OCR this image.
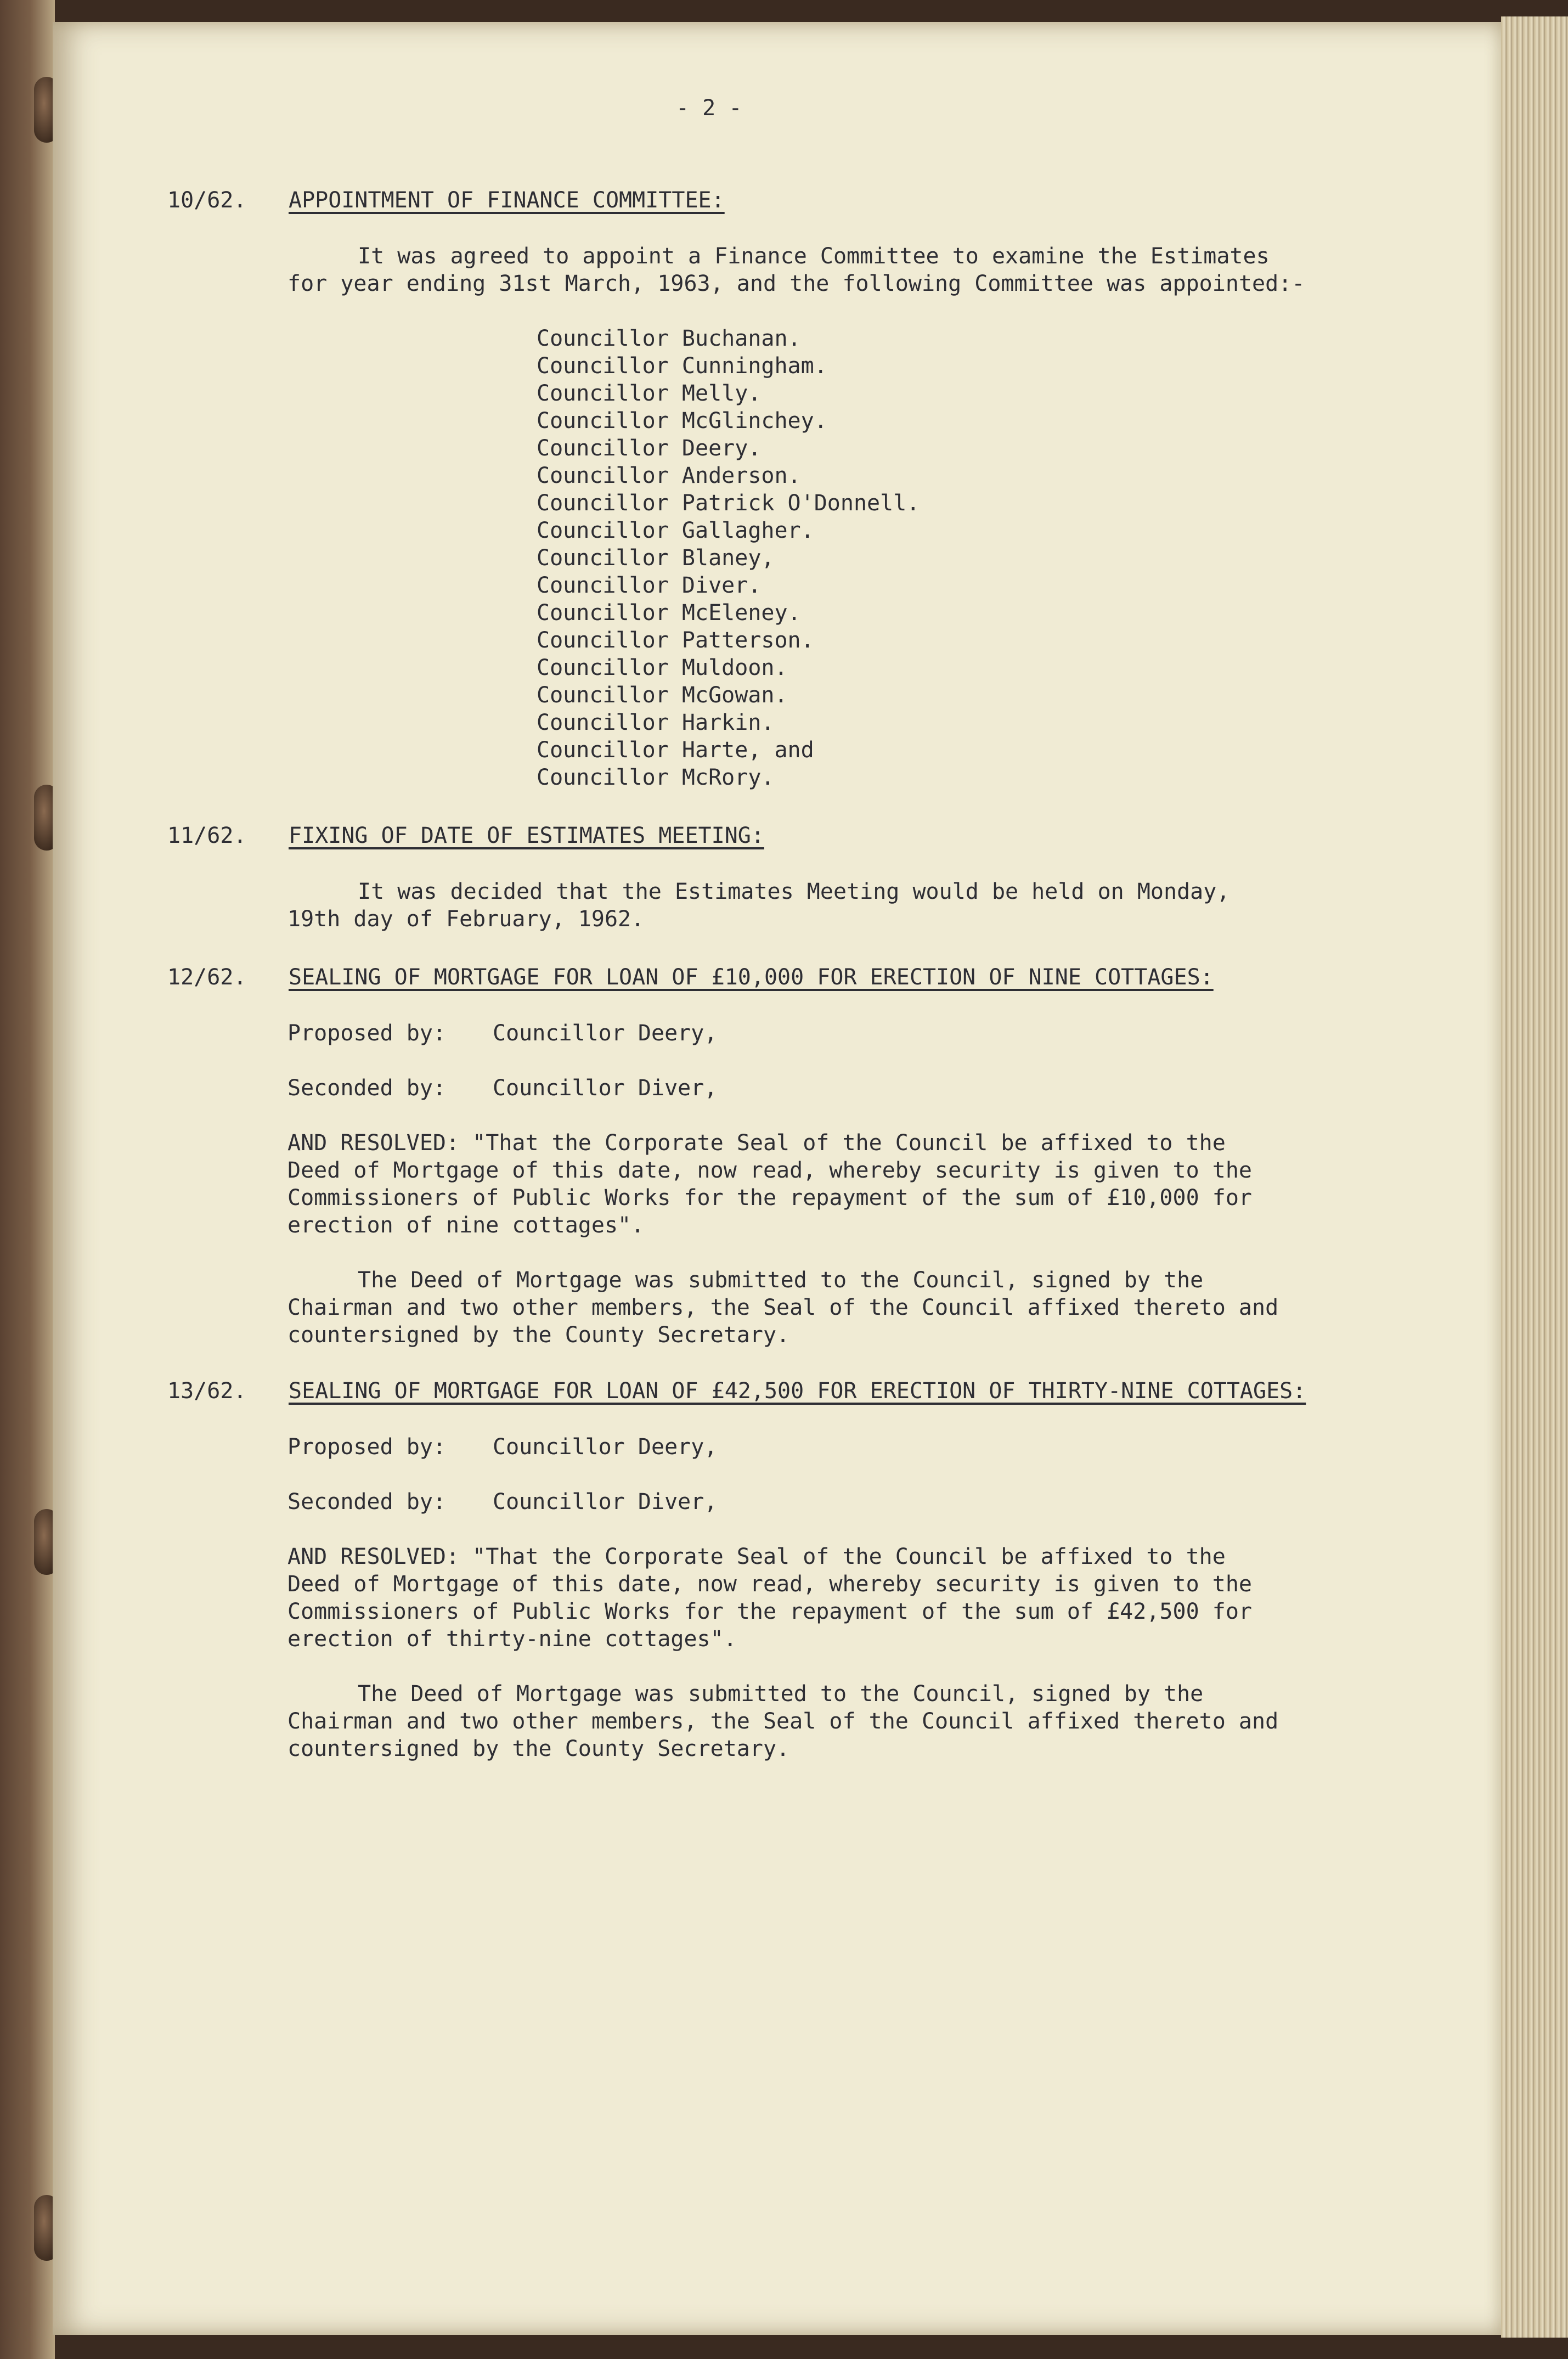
- 2 -
10/62. APPOINTMENT OF FINANCE COMMITTEE:
It was agreed to appoint a Finance Committee to examine the Estimates
for year ending 31st March, 1963, and the following Committee was appointed:-
Councillor Buchanan.
Councillor Cunningham.
Councillor Melly.
Councillor McGlinchey.
Councillor Deery.
Councillor Anderson.
Councillor Patrick O'Donnell.
Councillor Gallagher.
Councillor Blaney,
Councillor Diver.
Councillor McEleney.
Councillor Patterson.
Councillor Muldoon.
Councillor McGowan.
Councillor Harkin.
Councillor Harte, and
Councillor McRory.
11/62. FIXING OF DATE OF ESTIMATES MEETING:
It was decided that the Estimates Meeting would be held on Monday,
19th day of February, 1962.
12/62. SEALING OF MORTGAGE FOR LOAN OF £10,000 FOR ERECTION OF NINE COTTAGES:
Proposed by: Councillor Deery,
Seconded by: Councillor Diver,
AND RESOLVED: "That the Corporate Seal of the Council be affixed to the
Deed of Mortgage of this date, now read, whereby security is given to the
Commissioners of Public Works for the repayment of the sum of £10,000 for
erection of nine cottages".
The Deed of Mortgage was submitted to the Council, signed by the
Chairman and two other members, the Seal of the Council affixed thereto and
countersigned by the County Secretary.
13/62. SEALING OF MORTGAGE FOR LOAN OF £42,500 FOR ERECTION OF THIRTY-NINE COTTAGES:
Proposed by: Councillor Deery,
Seconded by: Councillor Diver,
AND RESOLVED: "That the Corporate Seal of the Council be affixed to the
Deed of Mortgage of this date, now read, whereby security is given to the
Commissioners of Public Works for the repayment of the sum of £42,500 for
erection of thirty-nine cottages".
The Deed of Mortgage was submitted to the Council, signed by the
Chairman and two other members, the Seal of the Council affixed thereto and
countersigned by the County Secretary.
